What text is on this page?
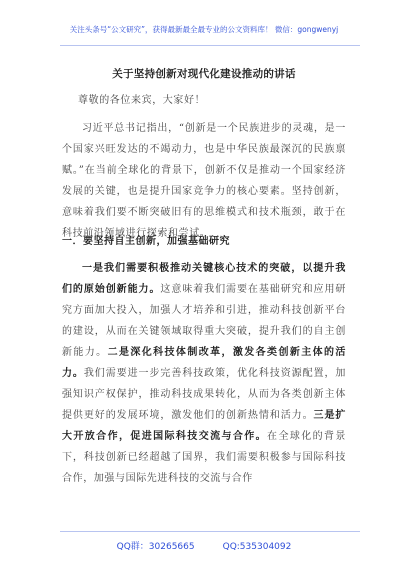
关注头条号“公文研究”，获得最新最全最专业的公文资料库！ 微信：gongwenyj
关于坚持创新对现代化建设推动的讲话
尊敬的各位来宾，大家好！
习近平总书记指出，“创新是一个民族进步的灵魂，是一个国家兴旺发达的不竭动力，也是中华民族最深沉的民族禀赋。”在当前全球化的背景下，创新不仅是推动一个国家经济发展的关键，也是提升国家竞争力的核心要素。坚持创新，意味着我们要不断突破旧有的思维模式和技术瓶颈，敢于在科技前沿领域进行探索和尝试。
一．要坚持自主创新，加强基础研究
一是我们需要积极推动关键核心技术的突破，以提升我们的原始创新能力。这意味着我们需要在基础研究和应用研究方面加大投入，加强人才培养和引进，推动科技创新平台的建设，从而在关键领域取得重大突破，提升我们的自主创新能力。二是深化科技体制改革，激发各类创新主体的活力。我们需要进一步完善科技政策，优化科技资源配置，加强知识产权保护，推动科技成果转化，从而为各类创新主体提供更好的发展环境，激发他们的创新热情和活力。三是扩大开放合作，促进国际科技交流与合作。在全球化的背景下，科技创新已经超越了国界，我们需要积极参与国际科技合作，加强与国际先进科技的交流与合作
QQ群：30265665	QQ:535304092
